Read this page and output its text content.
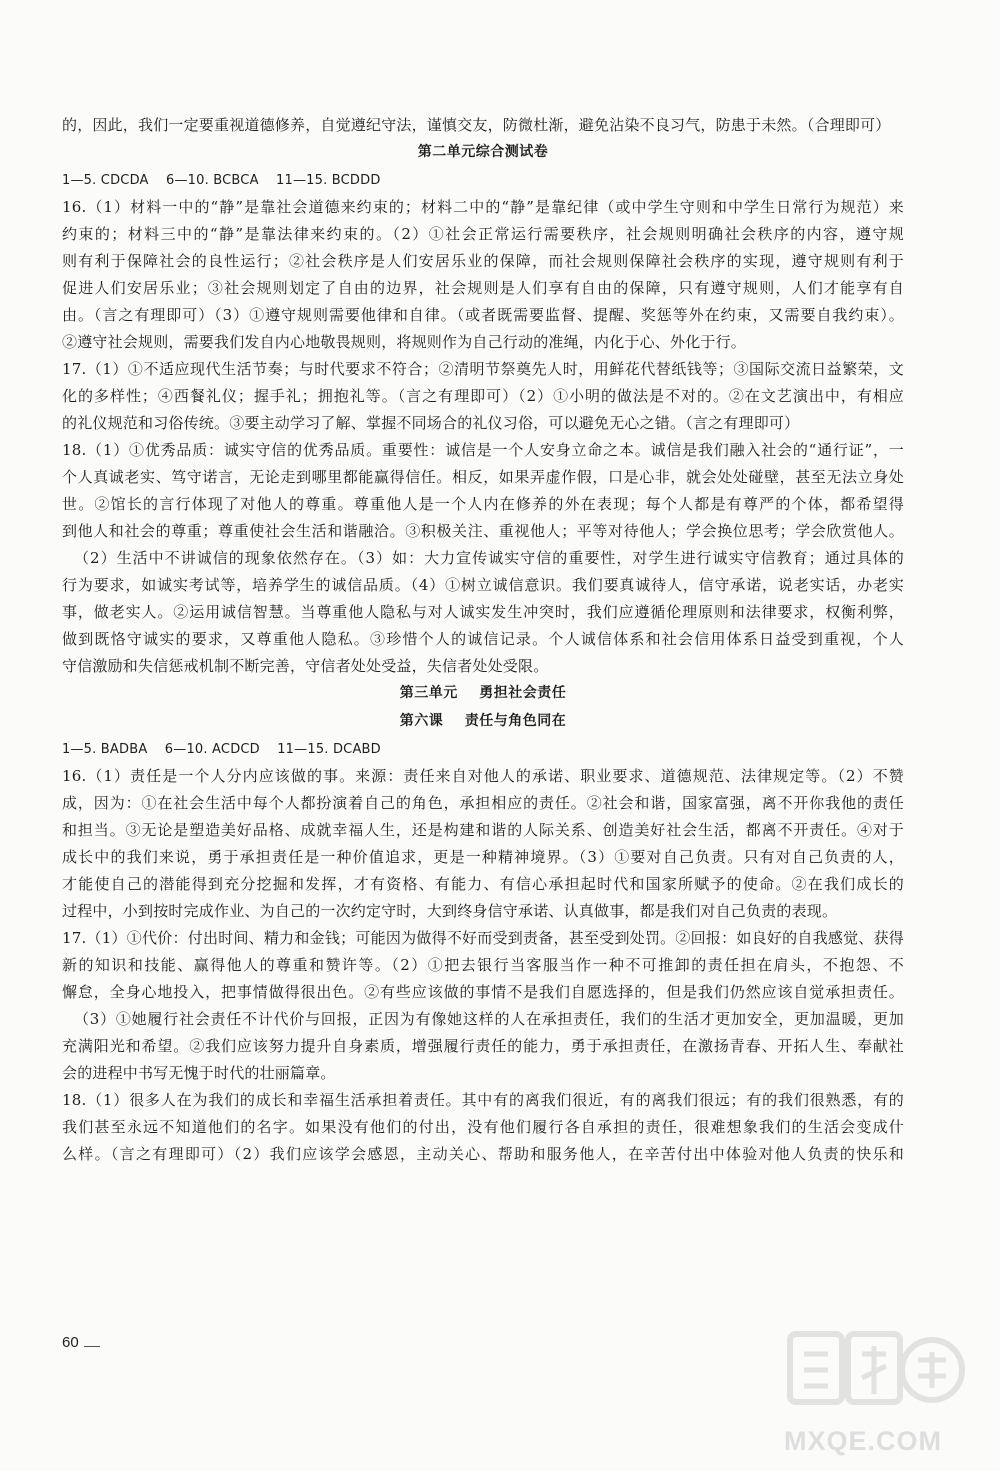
的，因此，我们一定要重视道德修养，自觉遵纪守法，谨慎交友，防微杜渐，避免沾染不良习气，防患于未然。（合理即可）
第二单元综合测试卷
1—5. CDCDA    6—10. BCBCA    11—15. BCDDD
16.（1）材料一中的“静”是靠社会道德来约束的；材料二中的“静”是靠纪律（或中学生守则和中学生日常行为规范）来
约束的；材料三中的“静”是靠法律来约束的。（2）①社会正常运行需要秩序，社会规则明确社会秩序的内容，遵守规
则有利于保障社会的良性运行；②社会秩序是人们安居乐业的保障，而社会规则保障社会秩序的实现，遵守规则有利于
促进人们安居乐业；③社会规则划定了自由的边界，社会规则是人们享有自由的保障，只有遵守规则，人们才能享有自
由。（言之有理即可）（3）①遵守规则需要他律和自律。（或者既需要监督、提醒、奖惩等外在约束，又需要自我约束）。
②遵守社会规则，需要我们发自内心地敬畏规则，将规则作为自己行动的准绳，内化于心、外化于行。
17.（1）①不适应现代生活节奏；与时代要求不符合；②清明节祭奠先人时，用鲜花代替纸钱等；③国际交流日益繁荣，文
化的多样性；④西餐礼仪；握手礼；拥抱礼等。（言之有理即可）（2）①小明的做法是不对的。②在文艺演出中，有相应
的礼仪规范和习俗传统。③要主动学习了解、掌握不同场合的礼仪习俗，可以避免无心之错。（言之有理即可）
18.（1）①优秀品质：诚实守信的优秀品质。重要性：诚信是一个人安身立命之本。诚信是我们融入社会的“通行证”，一
个人真诚老实、笃守诺言，无论走到哪里都能赢得信任。相反，如果弄虚作假，口是心非，就会处处碰壁，甚至无法立身处
世。②馆长的言行体现了对他人的尊重。尊重他人是一个人内在修养的外在表现；每个人都是有尊严的个体，都希望得
到他人和社会的尊重；尊重使社会生活和谐融洽。③积极关注、重视他人；平等对待他人；学会换位思考；学会欣赏他人。
（2）生活中不讲诚信的现象依然存在。（3）如：大力宣传诚实守信的重要性，对学生进行诚实守信教育；通过具体的
行为要求，如诚实考试等，培养学生的诚信品质。（4）①树立诚信意识。我们要真诚待人，信守承诺，说老实话，办老实
事，做老实人。②运用诚信智慧。当尊重他人隐私与对人诚实发生冲突时，我们应遵循伦理原则和法律要求，权衡利弊，
做到既恪守诚实的要求，又尊重他人隐私。③珍惜个人的诚信记录。个人诚信体系和社会信用体系日益受到重视，个人
守信激励和失信惩戒机制不断完善，守信者处处受益，失信者处处受限。
第三单元    勇担社会责任
第六课    责任与角色同在
1—5. BADBA    6—10. ACDCD    11—15. DCABD
16.（1）责任是一个人分内应该做的事。来源：责任来自对他人的承诺、职业要求、道德规范、法律规定等。（2）不赞
成，因为：①在社会生活中每个人都扮演着自己的角色，承担相应的责任。②社会和谐，国家富强，离不开你我他的责任
和担当。③无论是塑造美好品格、成就幸福人生，还是构建和谐的人际关系、创造美好社会生活，都离不开责任。④对于
成长中的我们来说，勇于承担责任是一种价值追求，更是一种精神境界。（3）①要对自己负责。只有对自己负责的人，
才能使自己的潜能得到充分挖掘和发挥，才有资格、有能力、有信心承担起时代和国家所赋予的使命。②在我们成长的
过程中，小到按时完成作业、为自己的一次约定守时，大到终身信守承诺、认真做事，都是我们对自己负责的表现。
17.（1）①代价：付出时间、精力和金钱；可能因为做得不好而受到责备，甚至受到处罚。②回报：如良好的自我感觉、获得
新的知识和技能、赢得他人的尊重和赞许等。（2）①把去银行当客服当作一种不可推卸的责任担在肩头，不抱怨、不
懈怠，全身心地投入，把事情做得很出色。②有些应该做的事情不是我们自愿选择的，但是我们仍然应该自觉承担责任。
（3）①她履行社会责任不计代价与回报，正因为有像她这样的人在承担责任，我们的生活才更加安全，更加温暖，更加
充满阳光和希望。②我们应该努力提升自身素质，增强履行责任的能力，勇于承担责任，在激扬青春、开拓人生、奉献社
会的进程中书写无愧于时代的壮丽篇章。
18.（1）很多人在为我们的成长和幸福生活承担着责任。其中有的离我们很近，有的离我们很远；有的我们很熟悉，有的
我们甚至永远不知道他们的名字。如果没有他们的付出，没有他们履行各自承担的责任，很难想象我们的生活会变成什
么样。（言之有理即可）（2）我们应该学会感恩，主动关心、帮助和服务他人，在辛苦付出中体验对他人负责的快乐和
60
MXQE.COM
